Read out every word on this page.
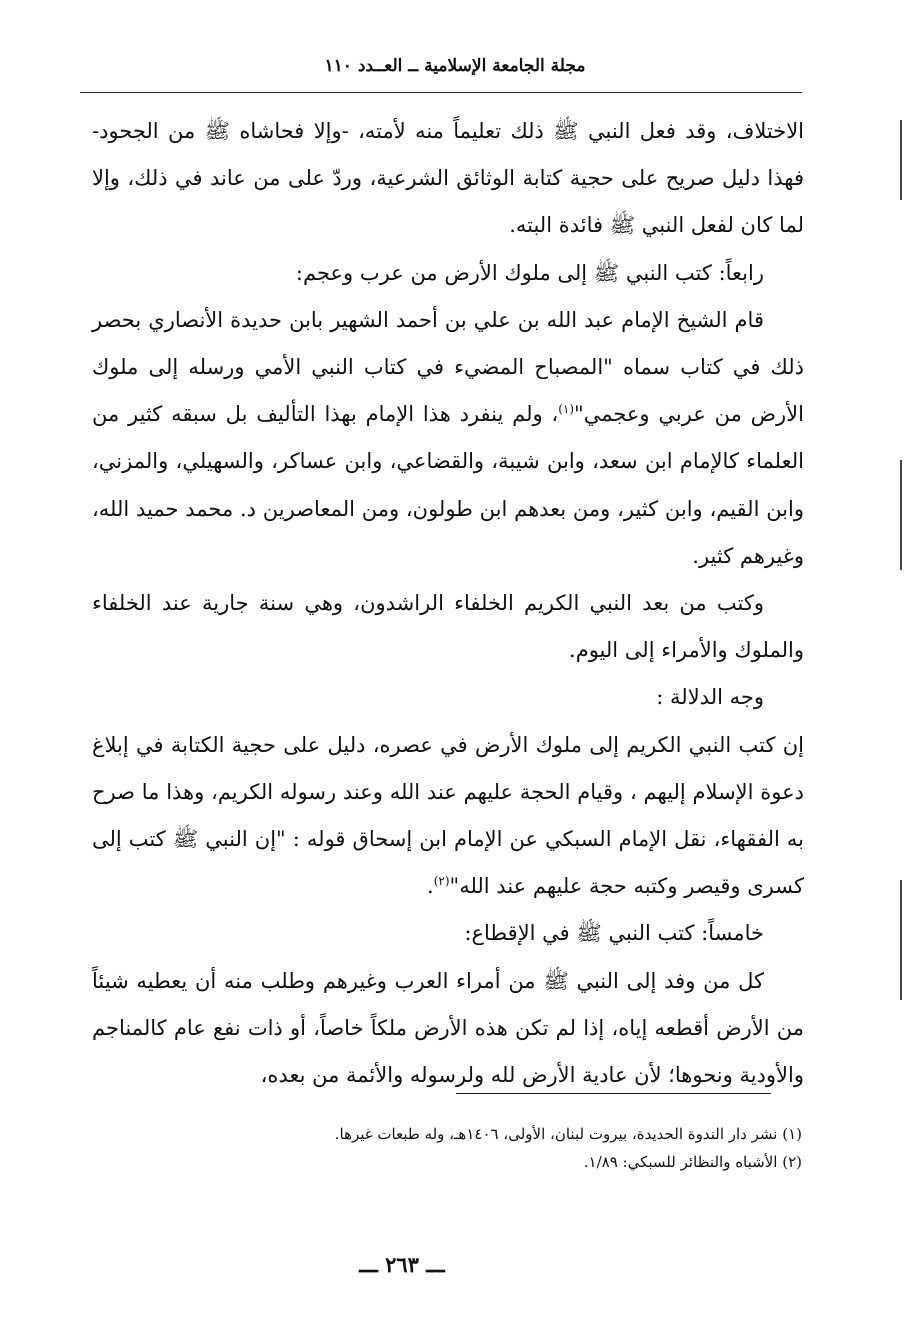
مجلة الجامعة الإسلامية ــ العــدد ١١٠

الاختلاف، وقد فعل النبي ﷺ ذلك تعليماً منه لأمته، -وإلا فحاشاه ﷺ من الجحود- فهذا دليل صريح على حجية كتابة الوثائق الشرعية، وردّ على من عاند في ذلك، وإلا لما كان لفعل النبي ﷺ فائدة البته.

رابعاً: كتب النبي ﷺ إلى ملوك الأرض من عرب وعجم:

قام الشيخ الإمام عبد الله بن علي بن أحمد الشهير بابن حديدة الأنصاري بحصر ذلك في كتاب سماه "المصباح المضيء في كتاب النبي الأمي ورسله إلى ملوك الأرض من عربي وعجمي"$^{(١)}$، ولم ينفرد هذا الإمام بهذا التأليف بل سبقه كثير من العلماء كالإمام ابن سعد، وابن شيبة، والقضاعي، وابن عساكر، والسهيلي، والمزني، وابن القيم، وابن كثير، ومن بعدهم ابن طولون، ومن المعاصرين د. محمد حميد الله، وغيرهم كثير.

وكتب من بعد النبي الكريم الخلفاء الراشدون، وهي سنة جارية عند الخلفاء والملوك والأمراء إلى اليوم.

وجه الدلالة :

إن كتب النبي الكريم إلى ملوك الأرض في عصره، دليل على حجية الكتابة في إبلاغ دعوة الإسلام إليهم ، وقيام الحجة عليهم عند الله وعند رسوله الكريم، وهذا ما صرح به الفقهاء، نقل الإمام السبكي عن الإمام ابن إسحاق قوله : "إن النبي ﷺ كتب إلى كسرى وقيصر وكتبه حجة عليهم عند الله"$^{(٢)}$.

خامساً: كتب النبي ﷺ في الإقطاع:

كل من وفد إلى النبي ﷺ من أمراء العرب وغيرهم وطلب منه أن يعطيه شيئاً من الأرض أقطعه إياه، إذا لم تكن هذه الأرض ملكاً خاصاً، أو ذات نفع عام كالمناجم والأودية ونحوها؛ لأن عادية الأرض لله ولرسوله والأئمة من بعده،

(١) نشر دار الندوة الحديدة، بيروت لبنان، الأولى، ١٤٠٦هـ، وله طبعات غيرها.

(٢) الأشباه والنظائر للسبكي: ١/٨٩.

ـــ ٢٦٣ ـــ
